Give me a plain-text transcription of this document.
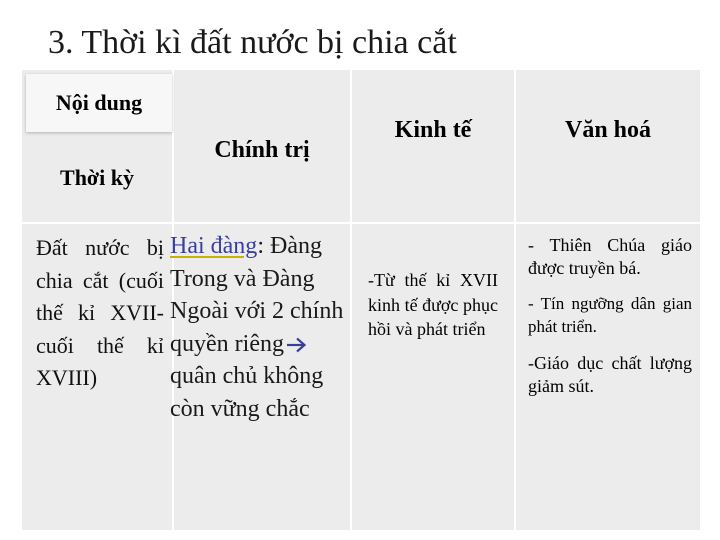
3. Thời kì đất nước bị chia cắt
Nội dung
Thời kỳ
Chính trị
Kinh tế	Văn hoá
Đất nước bị chia cắt (cuối thế kỉ XVII- cuối thế kỉ XVIII)
Hai đàng: Đàng Trong và Đàng Ngoài với 2 chính quyền riêng quân chủ không còn vững chắc
-Từ thế kỉ XVII kinh tế được phục hồi và phát triển

- Thiên Chúa giáo được truyền bá.

- Tín ngưỡng dân gian phát triển.

-Giáo dục chất lượng giảm sút.
